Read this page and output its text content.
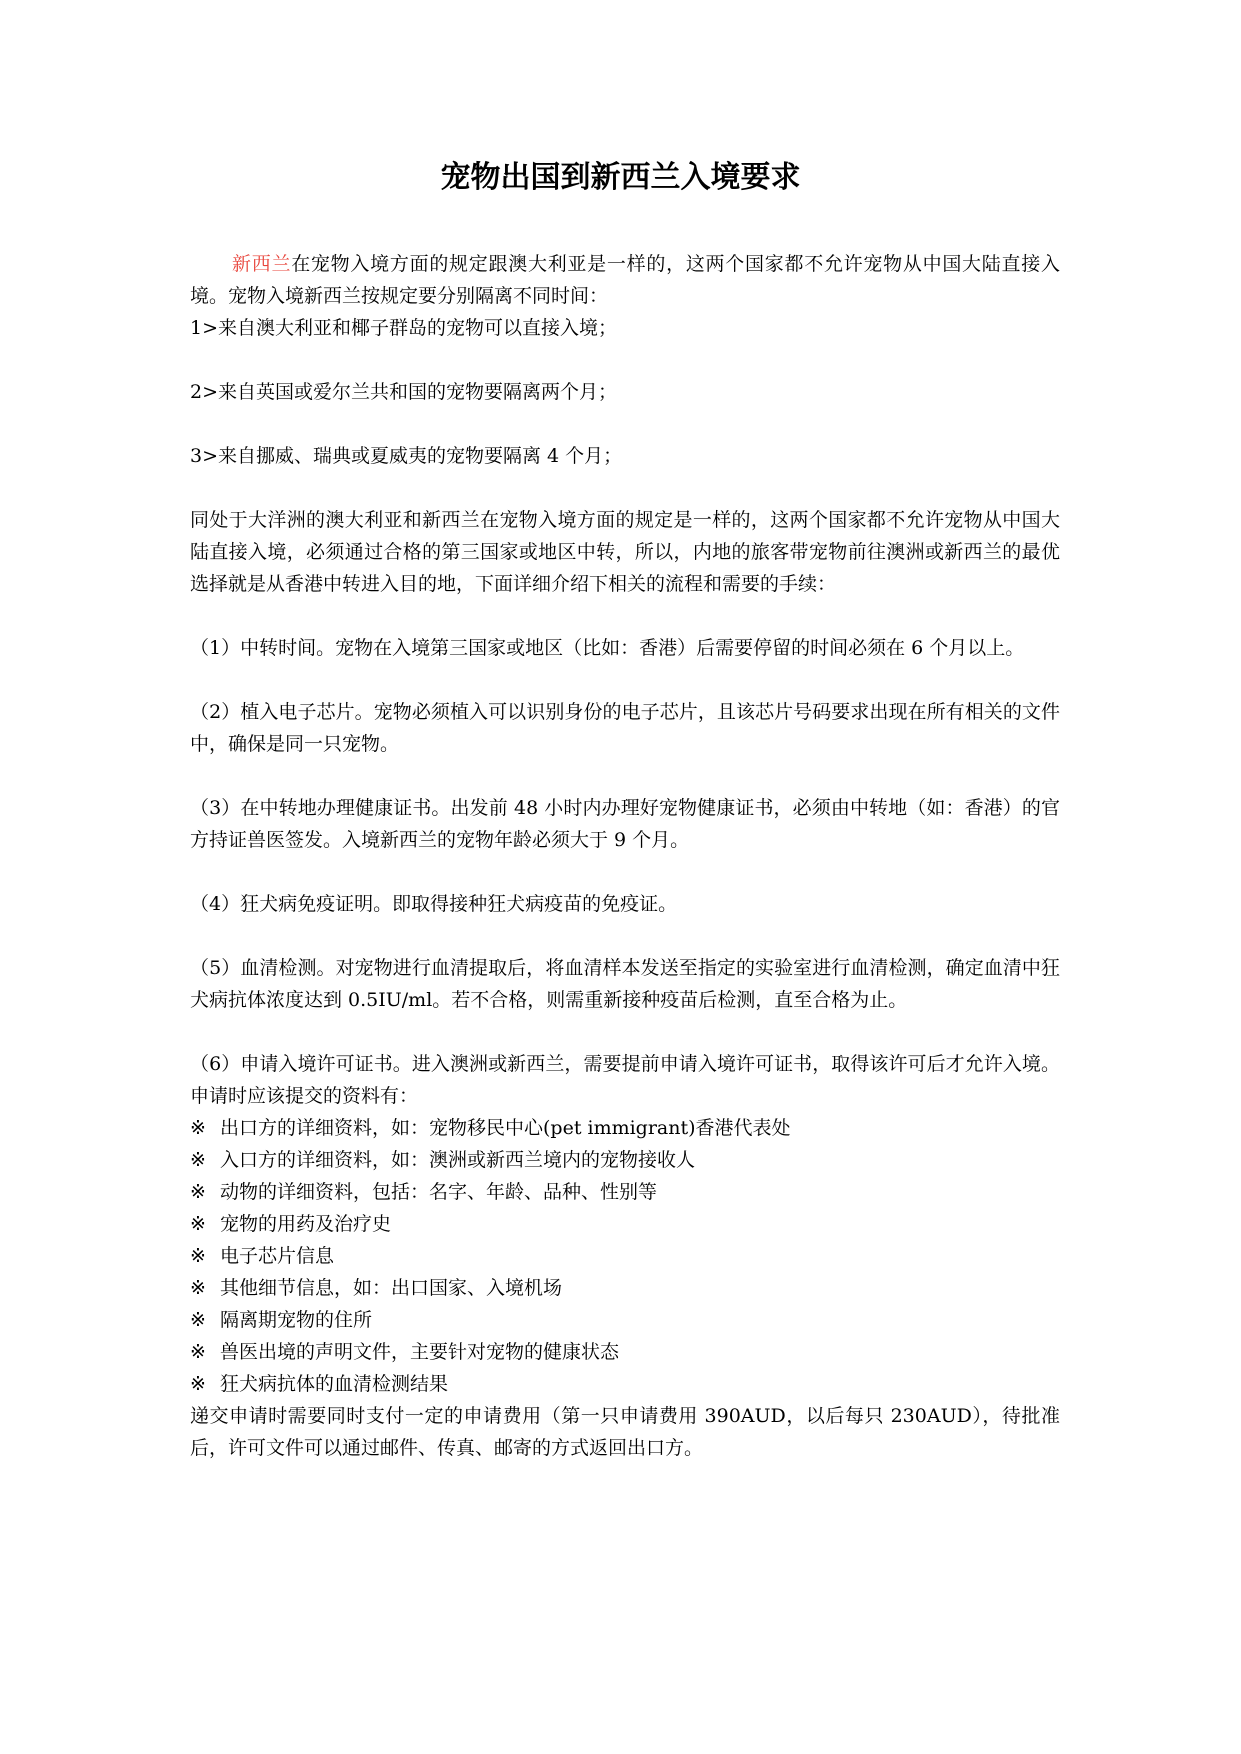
宠物出国到新西兰入境要求

新西兰在宠物入境方面的规定跟澳大利亚是一样的，这两个国家都不允许宠物从中国大陆直接入境。宠物入境新西兰按规定要分别隔离不同时间：

1>来自澳大利亚和椰子群岛的宠物可以直接入境；

2>来自英国或爱尔兰共和国的宠物要隔离两个月；

3>来自挪威、瑞典或夏威夷的宠物要隔离 4 个月；

同处于大洋洲的澳大利亚和新西兰在宠物入境方面的规定是一样的，这两个国家都不允许宠物从中国大陆直接入境，必须通过合格的第三国家或地区中转，所以，内地的旅客带宠物前往澳洲或新西兰的最优选择就是从香港中转进入目的地，下面详细介绍下相关的流程和需要的手续：

（1）中转时间。宠物在入境第三国家或地区（比如：香港）后需要停留的时间必须在 6 个月以上。

（2）植入电子芯片。宠物必须植入可以识别身份的电子芯片，且该芯片号码要求出现在所有相关的文件中，确保是同一只宠物。

（3）在中转地办理健康证书。出发前 48 小时内办理好宠物健康证书，必须由中转地（如：香港）的官方持证兽医签发。入境新西兰的宠物年龄必须大于 9 个月。

（4）狂犬病免疫证明。即取得接种狂犬病疫苗的免疫证。

（5）血清检测。对宠物进行血清提取后，将血清样本发送至指定的实验室进行血清检测，确定血清中狂犬病抗体浓度达到 0.5IU/ml。若不合格，则需重新接种疫苗后检测，直至合格为止。

（6）申请入境许可证书。进入澳洲或新西兰，需要提前申请入境许可证书，取得该许可后才允许入境。申请时应该提交的资料有：

※ 出口方的详细资料，如：宠物移民中心(pet immigrant)香港代表处

※ 入口方的详细资料，如：澳洲或新西兰境内的宠物接收人

※ 动物的详细资料，包括：名字、年龄、品种、性别等

※ 宠物的用药及治疗史

※ 电子芯片信息

※ 其他细节信息，如：出口国家、入境机场

※ 隔离期宠物的住所

※ 兽医出境的声明文件，主要针对宠物的健康状态

※ 狂犬病抗体的血清检测结果

递交申请时需要同时支付一定的申请费用（第一只申请费用 390AUD，以后每只 230AUD），待批准后，许可文件可以通过邮件、传真、邮寄的方式返回出口方。
